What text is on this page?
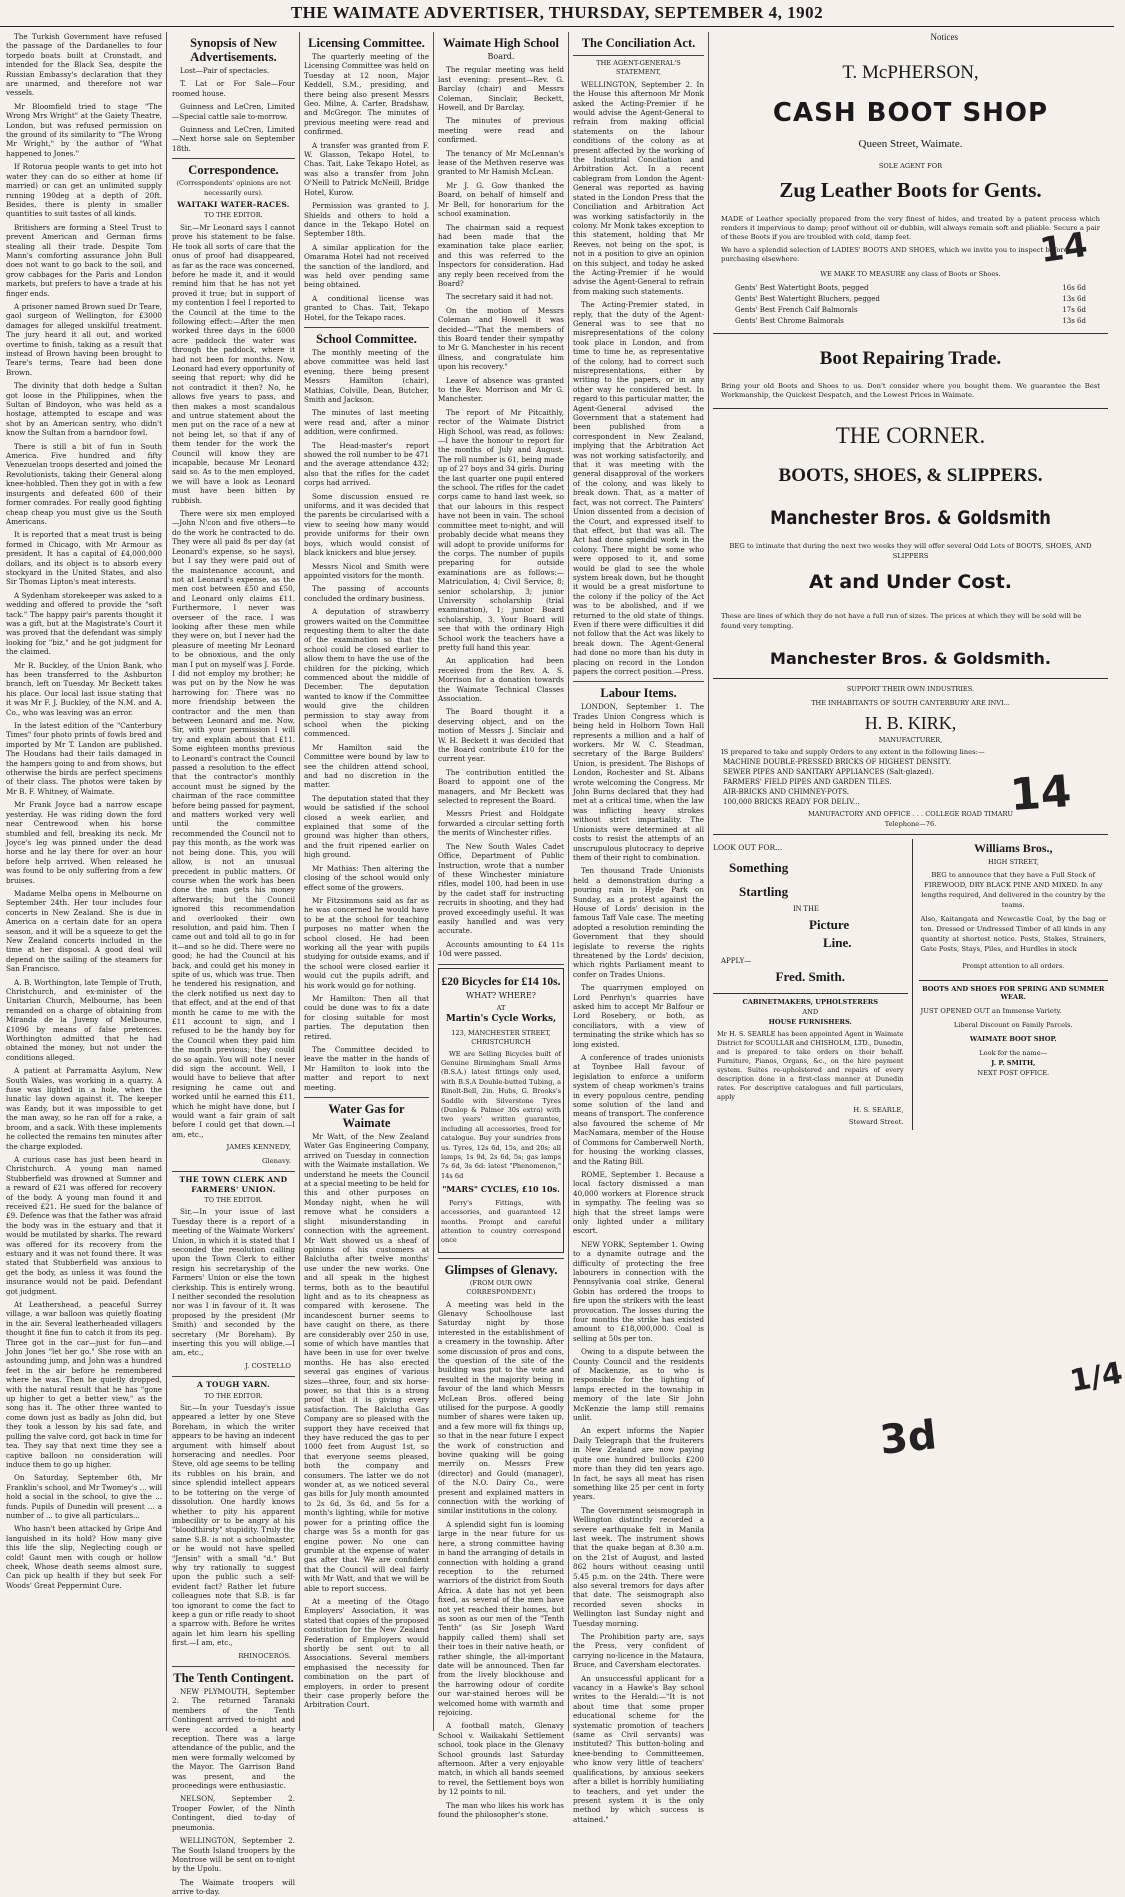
THE WAIMATE ADVERTISER, THURSDAY, SEPTEMBER 4, 1902

The Turkish Government have refused the passage of the Dardanelles to four torpedo boats built at Cronstadt, and intended for the Black Sea, despite the Russian Embassy's declaration that they are unarmed, and therefore not war vessels.

Mr Bloomfield tried to stage "The Wrong Mrs Wright" at the Gaiety Theatre, London, but was refused permission on the ground of its similarity to "The Wrong Mr Wright," by the author of "What happened to Jones."

If Rotorua people wants to get into hot water they can do so either at home (if married) or can get an unlimited supply running 190deg at a depth of 20ft. Besides, there is plenty in smaller quantities to suit tastes of all kinds.

Britishers are forming a Steel Trust to prevent American and German firms stealing all their trade. Despite Tom Mann's comforting assurance John Bull does not want to go back to the soil, and grow cabbages for the Paris and London markets, but prefers to have a trade at his finger ends.

A prisoner named Brown sued Dr Teare, gaol surgeon of Wellington, for £3000 damages for alleged unskilful treatment. The jury heard it all out, and worked overtime to finish, taking as a result that instead of Brown having been brought to Teare's terms, Teare had been done Brown.

The divinity that doth hedge a Sultan got loose in the Philippines, when the Sultan of Bindoyon, who was held as a hostage, attempted to escape and was shot by an American sentry, who didn't know the Sultan from a barndoor fowl.

There is still a bit of fun in South America. Five hundred and fifty Venezuelan troops deserted and joined the Revolutionists, taking their General along knee-hobbled. Then they got in with a few insurgents and defeated 600 of their former comrades. For really good fighting cheap cheap you must give us the South Americans.

It is reported that a meat trust is being formed in Chicago, with Mr Armour as president. It has a capital of £4,000,000 dollars, and its object is to absorb every stockyard in the United States, and also Sir Thomas Lipton's meat interests.

A Sydenham storekeeper was asked to a wedding and offered to provide the "soft tack." The happy pair's parents thought it was a gift, but at the Magistrate's Court it was proved that the defendant was simply looking for "biz," and he got judgment for the claimed.

Mr R. Buckley, of the Union Bank, who has been transferred to the Ashburton branch, left on Tuesday. Mr Beckett takes his place. Our local last issue stating that it was Mr F. J. Buckley, of the N.M. and A. Co., who was leaving was an error.

In the latest edition of the "Canterbury Times" four photo prints of fowls bred and imported by Mr T. Landon are published. The Houdans had their tails damaged in the hampers going to and from shows, but otherwise the birds are perfect specimens of their class. The photos were taken by Mr B. F. Whitney, of Waimate.

Mr Frank Joyce had a narrow escape yesterday. He was riding down the ford near Centrewood when his horse stumbled and fell, breaking its neck. Mr Joyce's leg was pinned under the dead horse and he lay there for over an hour before help arrived. When released he was found to be only suffering from a few bruises.

Madame Melba opens in Melbourne on September 24th. Her tour includes four concerts in New Zealand. She is due in America on a certain date for an opera season, and it will be a squeeze to get the New Zealand concerts included in the time at her disposal. A good deal will depend on the sailing of the steamers for San Francisco.

A. B. Worthington, late Temple of Truth, Christchurch, and ex-minister of the Unitarian Church, Melbourne, has been remanded on a charge of obtaining from Miranda de la Juveny of Melbourne, £1096 by means of false pretences. Worthington admitted that he had obtained the money, but not under the conditions alleged.

A patient at Parramatta Asylum, New South Wales, was working in a quarry. A fuse was lighted in a hole, when the lunatic lay down against it. The keeper was Eandy, but it was impossible to get the man away, so he ran off for a rake, a broom, and a sack. With these implements he collected the remains ten minutes after the charge exploded.

A curious case has just been heard in Christchurch. A young man named Stubberfield was drowned at Sumner and a reward of £21 was offered for recovery of the body. A young man found it and received £21. He sued for the balance of £9. Defence was that the father was afraid the body was in the estuary and that it would be mutilated by sharks. The reward was offered for its recovery from the estuary and it was not found there. It was stated that Stubberfield was anxious to get the body, as unless it was found the insurance would not be paid. Defendant got judgment.

At Leathershead, a peaceful Surrey village, a war balloon was quietly floating in the air. Several leatherheaded villagers thought it fine fun to catch it from its peg. Three got in the car—just for fun—and John Jones "let her go." She rose with an astounding jump, and John was a hundred feet in the air before he remembered where he was. Then he quietly dropped, with the natural result that he has "gone up higher to get a better view," as the song has it. The other three wanted to come down just as badly as John did, but they took a lesson by his sad fate, and pulling the valve cord, got back in time for tea. They say that next time they see a captive balloon no consideration will induce them to go up higher.

On Saturday, September 6th, Mr Franklin's school, and Mr Twomey's ... will hold a social in the school, to give the ... funds. Pupils of Dunedin will present ... a number of ... to give all particulars...

Who hasn't been attacked by Gripe And languished in its hold? How many give this life the slip, Neglecting cough or cold! Gaunt men with cough or hollow cheek, Whose death seems almost sure, Can pick up health if they but seek For Woods' Great Peppermint Cure.

Synopsis of New Advertisements.

Lost—Pair of spectacles.

T. Lat or For Sale—Four roomed house.

Guinness and LeCren, Limited—Special cattle sale to-morrow.

Guinness and LeCren, Limited—Next horse sale on September 18th.

Correspondence.
(Correspondents' opinions are not necessarily ours).
WAITAKI WATER-RACES.
TO THE EDITOR.

Sir,—Mr Leonard says I cannot prove his statement to be false. He took all sorts of care that the onus of proof had disappeared, as far as the race was concerned, before he made it, and it would remind him that he has not yet proved it true; but in support of my contention I feel I reported to the Council at the time to the following effect:—After the men worked three days in the 6000 acre paddock the water was through the paddock, where it had not been for months. Now, Leonard had every opportunity of seeing that report; why did he not contradict it then? No, he allows five years to pass, and then makes a most scandalous and untrue statement about the men put on the race of a new at not being let, so that if any of them tender for the work the Council will know they are incapable, because Mr Leonard said so. As to the men employed, we will have a look as Leonard must have been bitten by rubbish.

There were six men employed—John N'con and five others—to do the work he contracted to do. They were all paid 8s per day (at Leonard's expense, so he says), but I say they were paid out of the maintenance account, and not at Leonard's expense, as the men cost between £50 and £50, and Leonard only claims £11. Furthermore, I never was overseer of the race. I was looking after these men while they were on, but I never had the pleasure of meeting Mr Leonard to be obnoxious, and the only man I put on myself was J. Forde. I did not employ my brother; he was put on by the Now he was harrowing for. There was no more friendship between the contractor and the men than between Leonard and me. Now, Sir, with your permission I will try and explain about that £11. Some eighteen months previous to Leonard's contract the Council passed a resolution to the effect that the contractor's monthly account must be signed by the chairman of the race committee before being passed for payment, and matters worked very well until the committee recommended the Council not to pay this month, as the work was not being done. This, you will allow, is not an unusual precedent in public matters. Of course when the work has been done the man gets his money afterwards; but the Council ignored this recommendation and overlooked their own resolution, and paid him. Then I came out and told all to go in for it—and so he did. There were no good; he had the Council at his back, and could get his money in spite of us, which was true. Then he tendered his resignation, and the clerk notified us next day to that effect, and at the end of that month he came to me with the £11 account to sign, and I refused to be the handy boy for the Council when they paid him the month previous; they could do so again. You will note I never did sign the account. Well, I would have to believe that after resigning he came out and worked until he earned this £11, which he might have done, but I would want a fair grain of salt before I could get that down.—I am, etc.,

JAMES KENNEDY,
Glenavy.
THE TOWN CLERK AND FARMERS' UNION.
TO THE EDITOR.

Sir,—In your issue of last Tuesday there is a report of a meeting of the Waimate Workers' Union, in which it is stated that I seconded the resolution calling upon the Town Clerk to either resign his secretaryship of the Farmers' Union or else the town clerkship. This is entirely wrong. I neither seconded the resolution nor was I in favour of it. It was proposed by the president (Mr Smith) and seconded by the secretary (Mr Boreham). By inserting this you will oblige.—I am, etc.,

J. COSTELLO
A TOUGH YARN.
TO THE EDITOR.

Sir,—In your Tuesday's issue appeared a letter by one Steve Boreham, in which the writer appears to be having an indecent argument with himself about horseracing and needles. Poor Steve, old age seems to be telling its rubbles on his brain, and since splendid intellect appears to be tottering on the verge of dissolution. One hardly knows whether to pity his apparent imbecility or to be angry at his "bloodthirsty" stupidity. Truly the same S.B. is not a schoolmaster, or he would not have spelled "Jensin" with a small "d." But why try rationally to suggest upon the public such a self-evident fact? Rather let future colleagues note that S.B. is far too ignorant to come the fact to keep a gun or rifle ready to shoot a sparrow with. Before he writes again let him learn his spelling first.—I am, etc.,

RHINOCEROS.
The Tenth Contingent.

NEW PLYMOUTH, September 2. The returned Taranaki members of the Tenth Contingent arrived to-night and were accorded a hearty reception. There was a large attendance of the public, and the men were formally welcomed by the Mayor. The Garrison Band was present, and the proceedings were enthusiastic.

NELSON, September 2. Trooper Fowler, of the Ninth Contingent, died to-day of pneumonia.

WELLINGTON, September 2. The South Island troopers by the Montrose will be sent on to-night by the Upolu.

The Waimate troopers will arrive to-day.

Licensing Committee.

The quarterly meeting of the Licensing Committee was held on Tuesday at 12 noon, Major Keddell, S.M., presiding, and there being also present Messrs Geo. Milne, A. Carter, Bradshaw, and McGregor. The minutes of previous meeting were read and confirmed.

A transfer was granted from F. W. Glasson, Tekapo Hotel, to Chas. Tait, Lake Tekapo Hotel, as was also a transfer from John O'Neill to Patrick McNeill, Bridge Hotel, Kurow.

Permission was granted to J. Shields and others to hold a dance in the Tekapo Hotel on September 18th.

A similar application for the Omarama Hotel had not received the sanction of the landlord, and was held over pending same being obtained.

A conditional license was granted to Chas. Tait, Tekapo Hotel, for the Tekapo races.

School Committee.

The monthly meeting of the above committee was held last evening, there being present Messrs Hamilton (chair), Mathias, Colville, Dean, Butcher, Smith and Jackson.

The minutes of last meeting were read and, after a minor addition, were confirmed.

The Head-master's report showed the roll number to be 471 and the average attendance 432; also that the rifles for the cadet corps had arrived.

Some discussion ensued re uniforms, and it was decided that the parents be circularised with a view to seeing how many would provide uniforms for their own boys, which would consist of black knickers and blue jersey.

Messrs Nicol and Smith were appointed visitors for the month.

The passing of accounts concluded the ordinary business.

A deputation of strawberry growers waited on the Committee requesting them to alter the date of the examination so that the school could be closed earlier to allow them to have the use of the children for the picking, which commenced about the middle of December. The deputation wanted to know if the Committee would give the children permission to stay away from school when the picking commenced.

Mr Hamilton said the Committee were bound by law to see the children attend school, and had no discretion in the matter.

The deputation stated that they would be satisfied if the school closed a week earlier, and explained that some of the ground was higher than others, and the fruit ripened earlier on high ground.

Mr Mathias: Then altering the closing of the school would only effect some of the growers.

Mr Fitzsimmons said as far as he was concerned he would have to be at the school for teaching purposes no matter when the school closed. He had been working all the year with pupils studying for outside exams, and if the school were closed earlier it would cut the pupils adrift, and his work would go for nothing.

Mr Hamilton: Then all that could be done was to fix a date for closing suitable for most parties. The deputation then retired.

The Committee decided to leave the matter in the hands of Mr Hamilton to look into the matter and report to next meeting.

Water Gas for Waimate

Mr Watt, of the New Zealand Water Gas Engineering Company, arrived on Tuesday in connection with the Waimate installation. We understand he meets the Council at a special meeting to be held for this and other purposes on Monday night, when he will remove what he considers a slight misunderstanding in connection with the agreement. Mr Watt showed us a sheaf of opinions of his customers at Balclutha after twelve months' use under the new works. One and all speak in the highest terms, both as to the beautiful light and as to its cheapness as compared with kerosene. The incandescent burner seems to have caught on there, as there are considerably over 250 in use, some of which have mantles that have been in use for over twelve months. He has also erected several gas engines of various sizes—three, four, and six horse-power, so that this is a strong proof that it is giving every satisfaction. The Balclutha Gas Company are so pleased with the support they have received that they have reduced the gas to per 1000 feet from August 1st, so that everyone seems pleased, both the company and consumers. The latter we do not wonder at, as we noticed several gas bills for July month amounted to 2s 6d, 3s 6d, and 5s for a month's lighting, while for motive power for a printing office the charge was 5s a month for gas engine power. No one can grumble at the expense of water gas after that. We are confident that the Council will deal fairly with Mr Watt, and that we will be able to report success.

At a meeting of the Otago Employers' Association, it was stated that copies of the proposed constitution for the New Zealand Federation of Employers would shortly be sent out to all Associations. Several members emphasised the necessity for combination on the part of employers, in order to present their case properly before the Arbitration Court.

Waimate High School
Board.

The regular meeting was held last evening: present—Rev. G. Barclay (chair) and Messrs Coleman, Sinclair, Beckett, Howell, and Dr Barclay.

The minutes of previous meeting were read and confirmed.

The tenancy of Mr McLennan's lease of the Methven reserve was granted to Mr Hamish McLean.

Mr J. G. Gow thanked the Board, on behalf of himself and Mr Bell, for honorarium for the school examination.

The chairman said a request had been made that the examination take place earlier, and this was referred to the Inspectors for consideration. Had any reply been received from the Board?

The secretary said it had not.

On the motion of Messrs Coleman and Howell it was decided—"That the members of this Board tender their sympathy to Mr G. Manchester in his recent illness, and congratulate him upon his recovery."

Leave of absence was granted to the Rev. Morrison and Mr G. Manchester.

The report of Mr Pitcaithly, rector of the Waimate District High School, was read, as follows:—I have the honour to report for the months of July and August. The roll number is 61, being made up of 27 boys and 34 girls. During the last quarter one pupil entered the school. The rifles for the cadet corps came to hand last week, so that our labours in this respect have not been in vain. The school committee meet to-night, and will probably decide what means they will adopt to provide uniforms for the corps. The number of pupils preparing for outside examinations are as follows:—Matriculation, 4; Civil Service, 8; senior scholarship, 3; junior University scholarship (trial examination), 1; junior Board scholarship, 3. Your Board will see that with the ordinary High School work the teachers have a pretty full hand this year.

An application had been received from the Rev. A. S. Morrison for a donation towards the Waimate Technical Classes Association.

The Board thought it a deserving object, and on the motion of Messrs J. Sinclair and W. H. Beckett it was decided that the Board contribute £10 for the current year.

The contribution entitled the Board to appoint one of the managers, and Mr Beckett was selected to represent the Board.

Messrs Priest and Holdgate forwarded a circular setting forth the merits of Winchester rifles.

The New South Wales Cadet Office, Department of Public Instruction, wrote that a number of these Winchester miniature rifles, model 100, had been in use by the cadet staff for instructing recruits in shooting, and they had proved exceedingly useful. It was easily handled and was very accurate.

Accounts amounting to £4 11s 10d were passed.

£20 Bicycles for £14 10s.
WHAT? WHERE?
AT
Martin's Cycle Works,
123, MANCHESTER STREET, CHRISTCHURCH

WE are Selling Bicycles built of Genuine Birmingham Small Arms (B.S.A.) latest fittings only used, with B.S.A Double-butted Tubing, a Rinolt-Bell, 2in. Hubs, G. Brooks's Saddle with Silverstone Tyres (Dunlop & Palmer 30s extra) with two years' written guarantee, including all accessories, freed for catalogue. Buy your sundries from us. Tyres, 12s 6d, 15s, and 20s; all lamps, 1s 9d, 2s 6d, 5s; gas lamps 7s 6d, 3s 6d: latest "Phenomenon," 14s 6d

"MARS" CYCLES, £10 10s.

Perry's Fittings, with accessories, and guaranteed 12 months. Prompt and careful attention to country correspond once

Glimpses of Glenavy.
(FROM OUR OWN CORRESPONDENT.)

A meeting was held in the Glenavy Schoolhouse last Saturday night by those interested in the establishment of a creamery in the township. After some discussion of pros and cons, the question of the site of the building was put to the vote and resulted in the majority being in favour of the land which Messrs McLean Bros. offered being utilised for the purpose. A goodly number of shares were taken up, and a few more will fix things up, so that in the near future I expect the work of construction and bovine quaking will be going merrily on. Messrs Frew (director) and Gould (manager), of the N.O. Dairy Co., were present and explained matters in connection with the working of similar institutions in the colony.

A splendid sight fun is looming large in the near future for us here, a strong committee having in hand the arranging of details in connection with holding a grand reception to the returned warriors of the district from South Africa. A date has not yet been fixed, as several of the men have not yet reached their homes, but as soon as our men of the "Tenth Tenth" (as Sir Joseph Ward happily called them) shall set their toes in their native heath, or rather shingle, the all-important date will be announced. Then far from the lively blockhouse and the harrowing odour of cordite our war-stained heroes will be welcomed home with warmth and rejoicing.

A football match, Glenavy School v. Waikakahi Settlement school, took place in the Glenavy School grounds last Saturday afternoon. After a very enjoyable match, in which all hands seemed to revel, the Settlement boys won by 12 points to nil.

The man who likes his work has found the philosopher's stone.

The Conciliation Act.
THE AGENT-GENERAL'S STATEMENT,

WELLINGTON, September 2. In the House this afternoon Mr Monk asked the Acting-Premier if he would advise the Agent-General to refrain from making official statements on the labour conditions of the colony as at present affected by the working of the Industrial Conciliation and Arbitration Act. In a recent cablegram from London the Agent-General was reported as having stated in the London Press that the Conciliation and Arbitration Act was working satisfactorily in the colony. Mr Monk takes exception to this statement, holding that Mr Reeves, not being on the spot, is not in a position to give an opinion on this subject, and today he asked the Acting-Premier if he would advise the Agent-General to refrain from making such statements.

The Acting-Premier stated, in reply, that the duty of the Agent-General was to see that no misrepresentations of the colony took place in London, and from time to time he, as representative of the colony, had to correct such misrepresentations, either by writing to the papers, or in any other way he considered best. In regard to this particular matter, the Agent-General advised the Government that a statement had been published from a correspondent in New Zealand, implying that the Arbitration Act was not working satisfactorily, and that it was meeting with the general disapproval of the workers of the colony, and was likely to break down. That, as a matter of fact, was not correct. The Painters' Union dissented from a decision of the Court, and expressed itself to that effect, but that was all. The Act had done splendid work in the colony. There might be some who were opposed to it, and some would be glad to see the whole system break down, but he thought it would be a great misfortune to the colony if the policy of the Act was to be abolished, and if we returned to the old state of things. Even if there were difficulties it did not follow that the Act was likely to break down. The Agent-General had done no more than his duty in placing on record in the London papers the correct position.—Press.

Labour Items.

LONDON, September 1. The Trades Union Congress which is being held in Holborn Town Hall represents a million and a half of workers. Mr W. C. Steadman, secretary of the Barge Builders' Union, is president. The Bishops of London, Rochester and St. Albans wrote welcoming the Congress. Mr John Burns declared that they had met at a critical time, when the law was inflicting heavy strokes without strict impartiality. The Unionists were determined at all costs to resist the attempts of an unscrupulous plutocracy to deprive them of their right to combination.

Ten thousand Trade Unionists held a demonstration during a pouring rain in Hyde Park on Sunday, as a protest against the House of Lords' decision in the famous Taff Vale case. The meeting adopted a resolution reminding the Government that they should legislate to reverse the rights threatened by the Lords' decision, which rights Parliament meant to confer on Trades Unions.

The quarrymen employed on Lord Penrhyn's quarries have asked him to accept Mr Balfour or Lord Rosebery, or both, as conciliators, with a view of terminating the strike which has so long existed.

A conference of trades unionists at Toynbee Hall favour of legislation to enforce a uniform system of cheap workmen's trains in every populous centre, pending some solution of the land and means of transport. The conference also favoured the scheme of Mr MacNamara, member of the House of Commons for Camberwell North, for housing the working classes, and the Rating Bill.

ROME, September 1. Because a local factory dismissed a man 40,000 workers at Florence struck in sympathy. The feeling was so high that the street lamps were only lighted under a military escort.

NEW YORK, September 1. Owing to a dynamite outrage and the difficulty of protecting the free labourers in connection with the Pennsylvania coal strike, General Gobin has ordered the troops to fire upon the strikers with the least provocation. The losses during the four months the strike has existed amount to £18,000,000. Coal is selling at 50s per ton.

Owing to a dispute between the County Council and the residents of Mackenzie, as to who is responsible for the lighting of lamps erected in the township in memory of the late Sir John McKenzie the lamp still remains unlit.

An expert informs the Napier Daily Telegraph that the fruiterers in New Zealand are now paying quite one hundred bullocks £200 more than they did ten years ago. In fact, he says all meat has risen something like 25 per cent in forty years.

The Government seismograph in Wellington distinctly recorded a severe earthquake felt in Manila last week. The instrument shows that the quake began at 8.30 a.m. on the 21st of August, and lasted 862 hours without ceasing until 5.45 p.m. on the 24th. There were also several tremors for days after that date. The seismograph also recorded seven shocks in Wellington last Sunday night and Tuesday morning.

The Prohibition party are, says the Press, very confident of carrying no-licence in the Mataura, Bruce, and Caversham electorates.

An unsuccessful applicant for a vacancy in a Hawke's Bay school writes to the Herald:—"It is not about time that some proper educational scheme for the systematic promotion of teachers (same as Civil servants) was instituted? This button-holing and knee-bending to Committeemen, who know very little of teachers' qualifications, by anxious seekers after a billet is horribly humiliating to teachers, and yet under the present system it is the only method by which success is attained."

Notices
T. McPHERSON,
CASH BOOT SHOP
Queen Street, Waimate.
SOLE AGENT FOR
Zug Leather Boots for Gents.

MADE of Leather specially prepared from the very finest of hides, and treated by a patent process which renders it impervious to damp; proof without oil or dubbin, will always remain soft and pliable. Secure a pair of these Boots if you are troubled with cold, damp feet.

We have a splendid selection of LADIES' BOOTS AND SHOES, which we invite you to inspect before purchasing elsewhere.

WE MAKE TO MEASURE any class of Boots or Shoes.
Gents' Best Watertight Boots, pegged	16s 6d
Gents' Best Watertight Bluchers, pegged	13s 6d
Gents' Best French Calf Balmorals	17s 6d
Gents' Best Chrome Balmorals	13s 6d
Boot Repairing Trade.

Bring your old Boots and Shoes to us. Don't consider where you bought them. We guarantee the Best Workmanship, the Quickest Despatch, and the Lowest Prices in Waimate.

THE CORNER.
BOOTS, SHOES, & SLIPPERS.
Manchester Bros. & Goldsmith

BEG to intimate that during the next two weeks they will offer several Odd Lots of BOOTS, SHOES, AND SLIPPERS

At and Under Cost.

These are lines of which they do not have a full run of sizes. The prices at which they will be sold will be found very tempting.

Manchester Bros. & Goldsmith.
SUPPORT THEIR OWN INDUSTRIES.
THE INHABITANTS OF SOUTH CANTERBURY ARE INVI...
H. B. KIRK,
MANUFACTURER,

IS prepared to take and supply Orders to any extent in the following lines:—

MACHINE DOUBLE-PRESSED BRICKS OF HIGHEST DENSITY.
SEWER PIPES AND SANITARY APPLIANCES (Salt-glazed).
FARMERS' FIELD PIPES AND GARDEN TILES.
AIR-BRICKS AND CHIMNEY-POTS.
100,000 BRICKS READY FOR DELIV...
MANUFACTORY AND OFFICE . . . COLLEGE ROAD TIMARU
Telephone—76.
LOOK OUT FOR...
Something
Startling
IN THE
Picture
Line.
APPLY—
Fred. Smith.
CABINETMAKERS, UPHOLSTERERS
AND
HOUSE FURNISHERS.

Mr H. S. SEARLE has been appointed Agent in Waimate District for SCOULLAR and CHISHOLM, LTD., Dunedin, and is prepared to take orders on their behalf. Furniture, Pianos, Organs, &c., on the hire payment system. Suites re-upholstered and repairs of every description done in a first-class manner at Dunedin rates. For descriptive catalogues and full particulars, apply

H. S. SEARLE,
Steward Street.
Williams Bros.,
HIGH STREET,

BEG to announce that they have a Full Stock of FIREWOOD, DRY BLACK PINE AND MIXED. In any lengths required, And delivered in the country by the teams.

Also, Kaitangata and Newcastle Coal, by the bag or ton. Dressed or Undressed Timber of all kinds in any quantity at shortest notice. Posts, Stakes, Strainers, Gate Posts, Stays, Piles, and Hurdles in stock

Prompt attention to all orders.
BOOTS AND SHOES FOR SPRING AND SUMMER WEAR.

JUST OPENED OUT an Immense Variety.

Liberal Discount on Family Parcels.
WAIMATE BOOT SHOP.
Look for the name—
J. P. SMITH,
NEXT POST OFFICE.
14
14
3d
1/4
